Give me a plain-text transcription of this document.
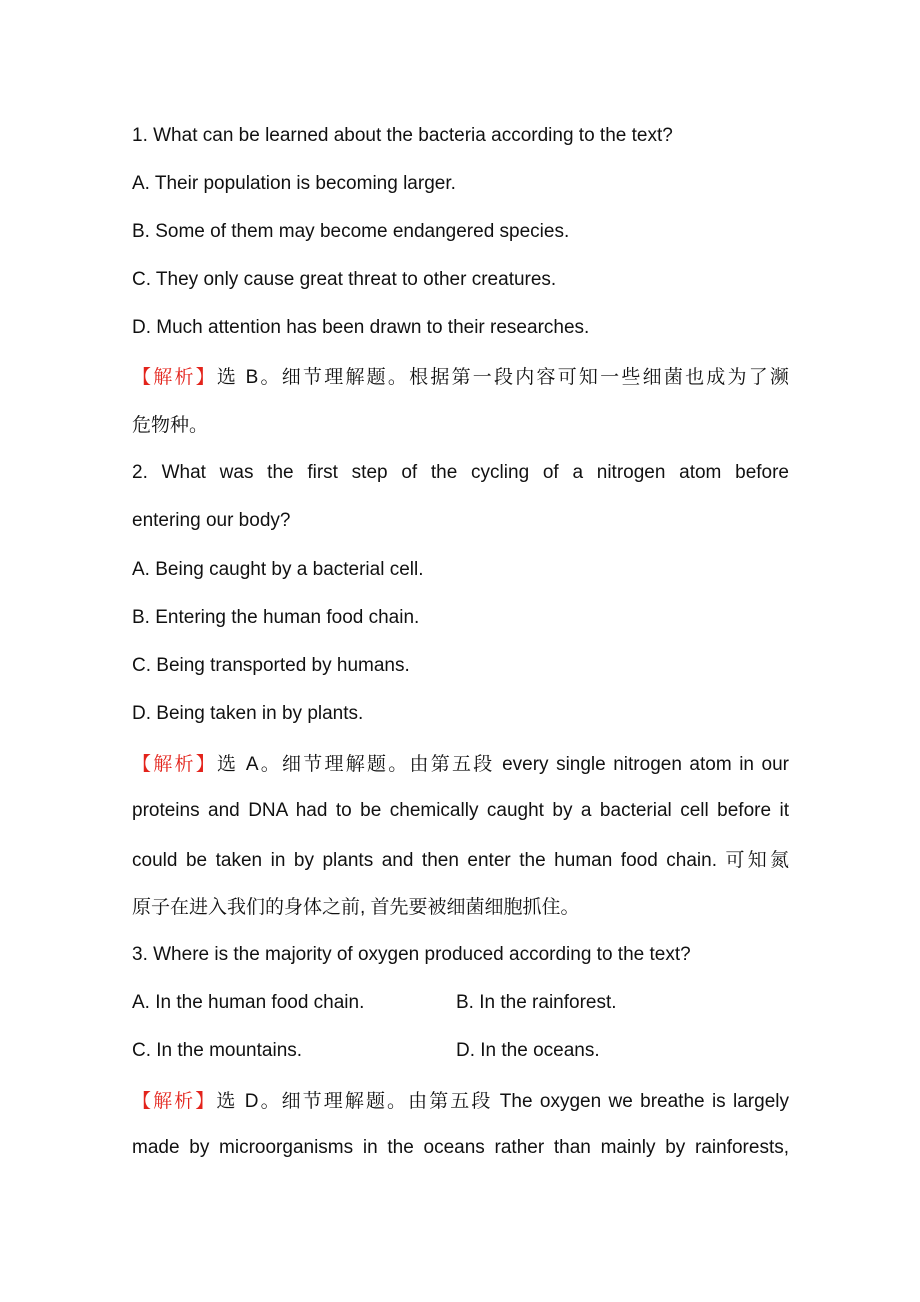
1. What can be learned about the bacteria according to the text?
A. Their population is becoming larger.
B. Some of them may become endangered species.
C. They only cause great threat to other creatures.
D. Much attention has been drawn to their researches.
【解析】选 B。细节理解题。根据第一段内容可知一些细菌也成为了濒
危物种。
2. What was the first step of the cycling of a nitrogen atom before
entering our body?
A. Being caught by a bacterial cell.
B. Entering the human food chain.
C. Being transported by humans.
D. Being taken in by plants.
【解析】选 A。细节理解题。由第五段 every single nitrogen atom in our
proteins and DNA had to be chemically caught by a bacterial cell before it
could be taken in by plants and then enter the human food chain. 可知氮
原子在进入我们的身体之前, 首先要被细菌细胞抓住。
3. Where is the majority of oxygen produced according to the text?
A. In the human food chain.	B. In the rainforest.
C. In the mountains.	D. In the oceans.
【解析】选 D。细节理解题。由第五段 The oxygen we breathe is largely
made by microorganisms in the oceans rather than mainly by rainforests,
